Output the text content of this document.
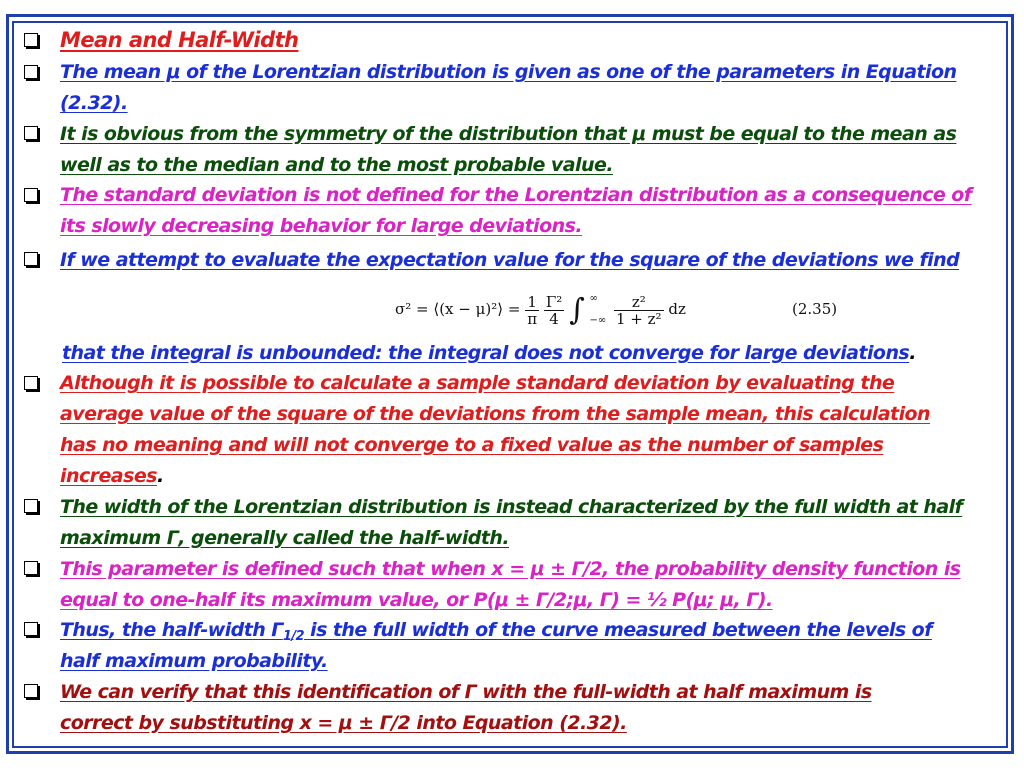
Mean and Half-Width
The mean μ of the Lorentzian distribution is given as one of the parameters in Equation
(2.32).
It is obvious from the symmetry of the distribution that μ must be equal to the mean as
well as to the median and to the most probable value.
The standard deviation is not defined for the Lorentzian distribution as a consequence of
its slowly decreasing behavior for large deviations.
If we attempt to evaluate the expectation value for the square of the deviations we find
σ² = ⟨(x − μ)²⟩ = $\frac{1}{\pi}$
$\frac{\text{Γ²}}{4}$ ∫ ∞
−∞
$\frac{\text{z²}}{\text{1 + z²}}$ dz	(2.35)
that the integral is unbounded: the integral does not converge for large deviations.
Although it is possible to calculate a sample standard deviation by evaluating the
average value of the square of the deviations from the sample mean, this calculation
has no meaning and will not converge to a fixed value as the number of samples
increases.
The width of the Lorentzian distribution is instead characterized by the full width at half
maximum Γ, generally called the half-width.
This parameter is defined such that when x = μ ± Γ/2, the probability density function is
equal to one-half its maximum value, or P(μ ± Γ/2;μ, Γ) = ½ P(μ; μ, Γ).
Thus, the half-width $\Gamma_{1/2}$ is the full width of the curve measured between the levels of
half maximum probability.
We can verify that this identification of Γ with the full-width at half maximum is
correct by substituting x = μ ± Γ/2 into Equation (2.32).
